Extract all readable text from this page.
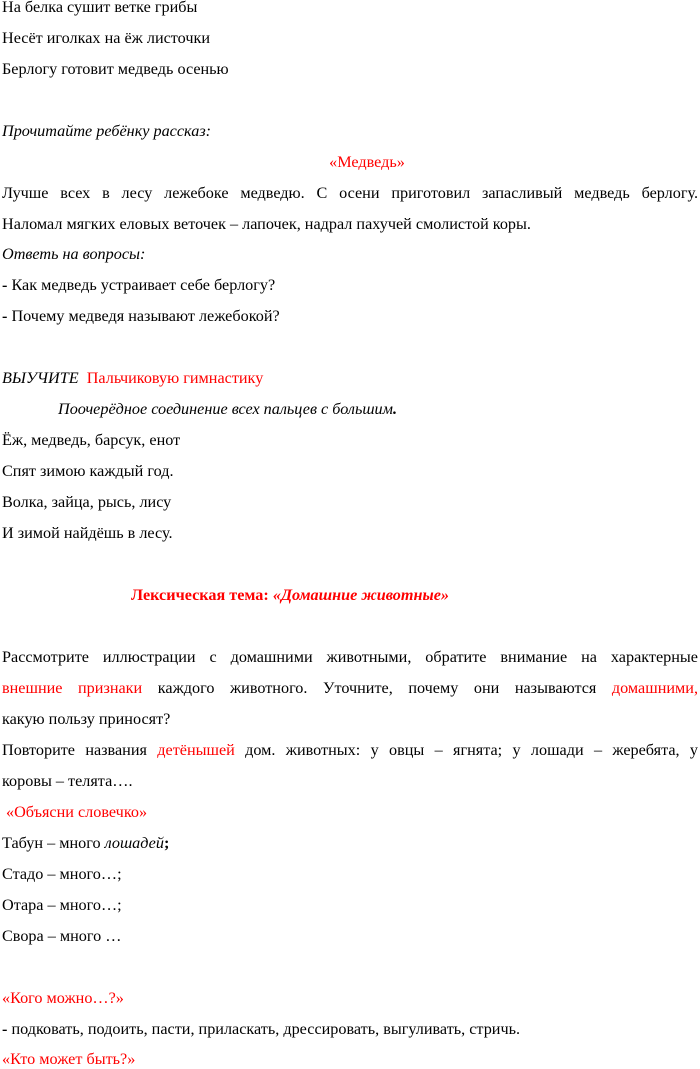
На белка сушит ветке грибы
Несёт иголках на ёж листочки
Берлогу готовит медведь осенью
Прочитайте ребёнку рассказ:
«Медведь»
Лучше всех в лесу лежебоке медведю. С осени приготовил запасливый медведь берлогу.
Наломал мягких еловых веточек – лапочек, надрал пахучей смолистой коры.
Ответь на вопросы:
- Как медведь устраивает себе берлогу?
- Почему медведя называют лежебокой?
ВЫУЧИТЕ Пальчиковую гимнастику
Поочерёдное соединение всех пальцев с большим.
Ёж, медведь, барсук, енот
Спят зимою каждый год.
Волка, зайца, рысь, лису
И зимой найдёшь в лесу.
Лексическая тема: «Домашние животные»
Рассмотрите иллюстрации с домашними животными, обратите внимание на характерные
внешние признаки каждого животного. Уточните, почему они называются домашними,
какую пользу приносят?
Повторите названия детёнышей дом. животных: у овцы – ягнята; у лошади – жеребята, у
коровы – телята….
«Объясни словечко»
Табун – много лошадей;
Стадо – много…;
Отара – много…;
Свора – много …
«Кого можно…?»
- подковать, подоить, пасти, приласкать, дрессировать, выгуливать, стричь.
«Кто может быть?»
